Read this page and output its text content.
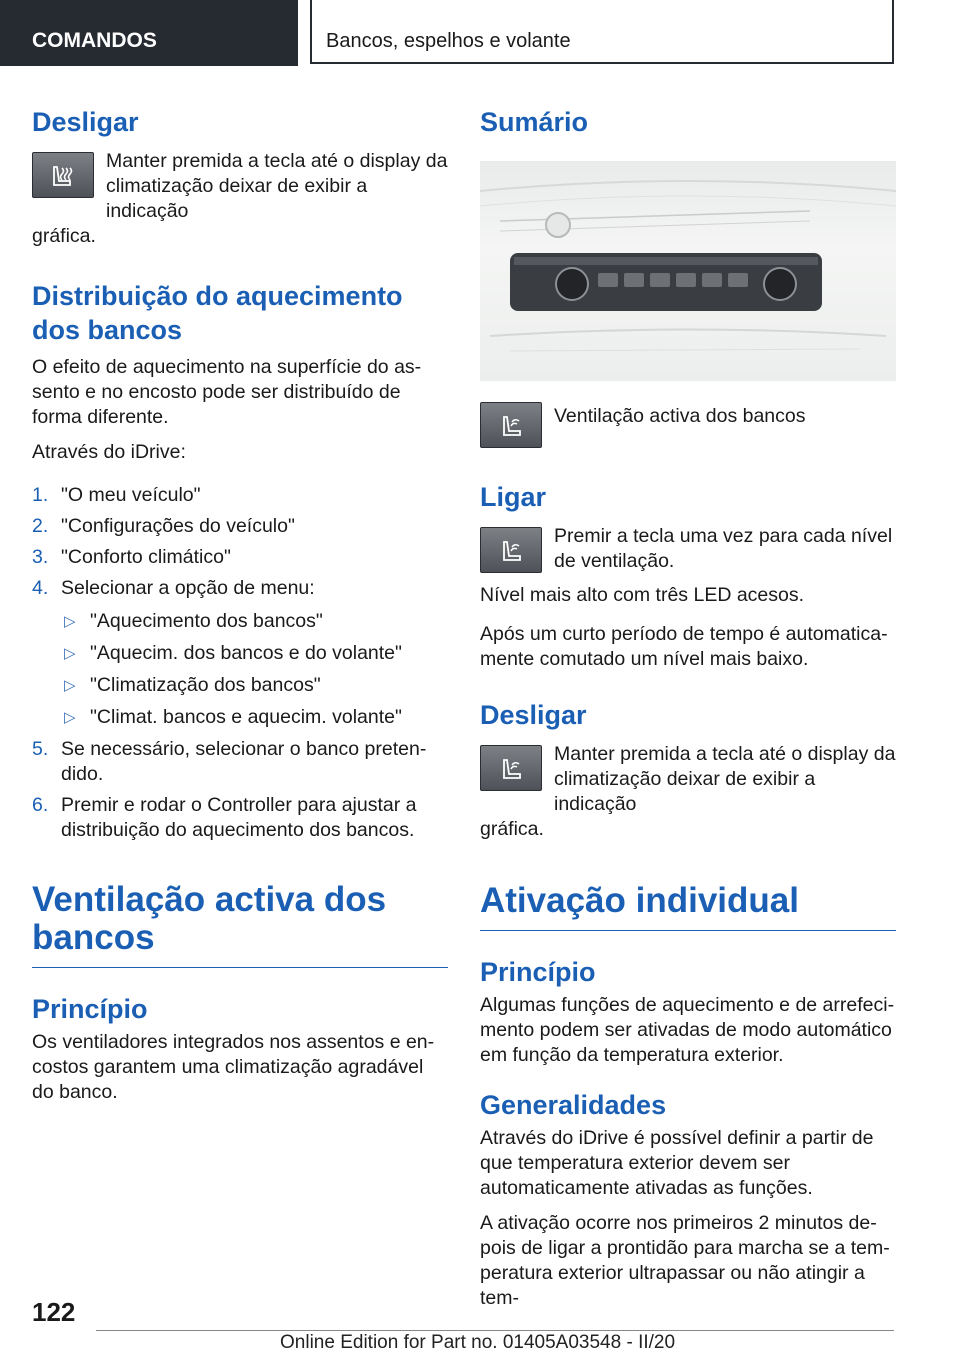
COMANDOS	Bancos, espelhos e volante
Desligar

Manter premida a tecla até o display da

climatização deixar de exibir a indicação

gráfica.

Distribuição do aquecimento dos bancos

O efeito de aquecimento na superfície do assento e no encosto pode ser distribuído de forma diferente.

Através do iDrive:

1. "O meu veículo"
2. "Configurações do veículo"
3. "Conforto climático"
4. Selecionar a opção de menu:
▷ "Aquecimento dos bancos"
▷ "Aquecim. dos bancos e do volante"
▷ "Climatização dos bancos"
▷ "Climat. bancos e aquecim. volante"
5. Se necessário, selecionar o banco pretendido.
6. Premir e rodar o Controller para ajustar a distribuição do aquecimento dos bancos.
Ventilação activa dos bancos
Princípio

Os ventiladores integrados nos assentos e encostos garantem uma climatização agradável do banco.

Sumário

Ventilação activa dos bancos

Ligar

Premir a tecla uma vez para cada nível

de ventilação.

Nível mais alto com três LED acesos.

Após um curto período de tempo é automaticamente comutado um nível mais baixo.

Desligar

Manter premida a tecla até o display da

climatização deixar de exibir a indicação

gráfica.

Ativação individual
Princípio

Algumas funções de aquecimento e de arrefecimento podem ser ativadas de modo automático em função da temperatura exterior.

Generalidades

Através do iDrive é possível definir a partir de que temperatura exterior devem ser automaticamente ativadas as funções.

A ativação ocorre nos primeiros 2 minutos depois de ligar a prontidão para marcha se a temperatura exterior ultrapassar ou não atingir a tem-

122
Online Edition for Part no. 01405A03548 - II/20
